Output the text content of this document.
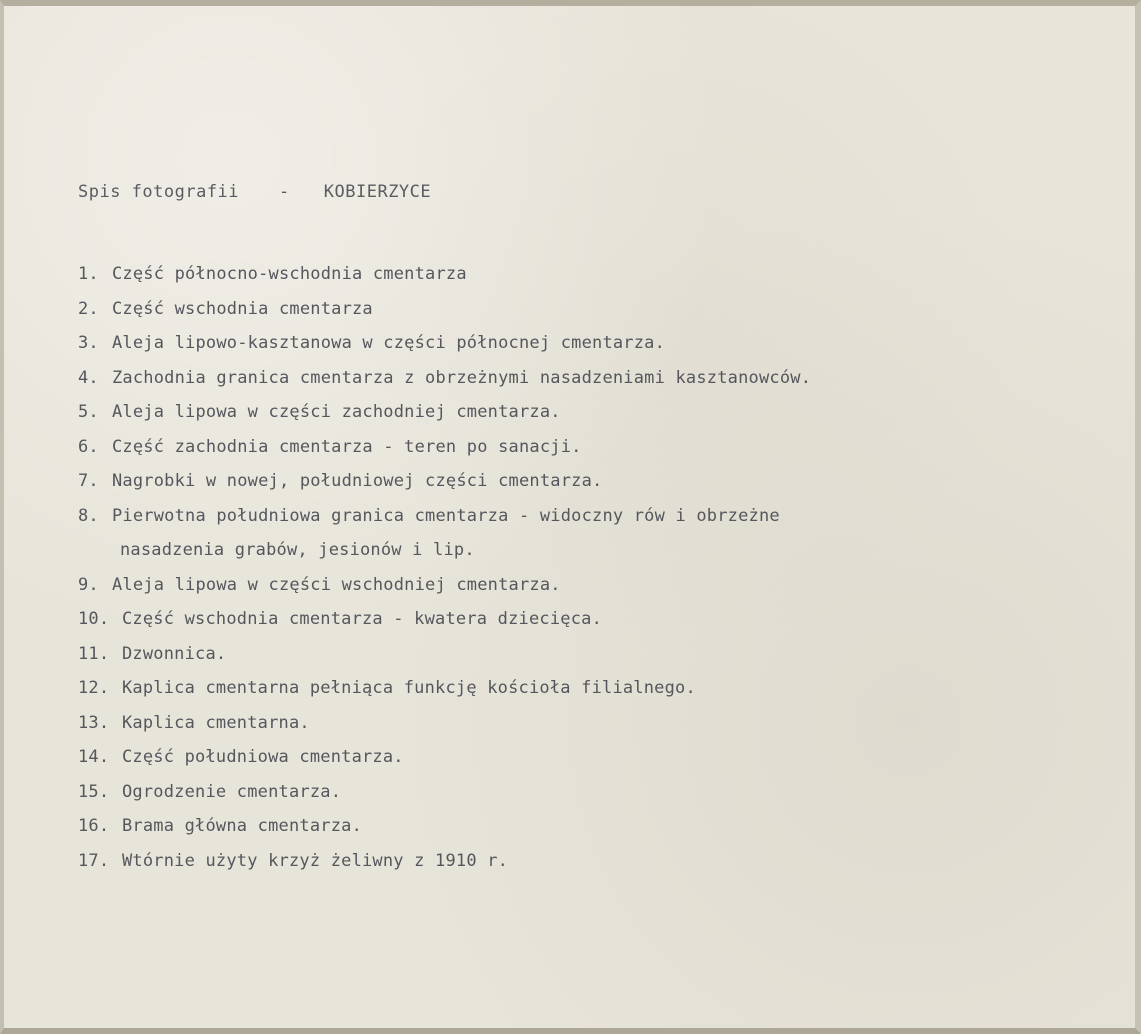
Spis fotografii - KOBIERZYCE
1. Część północno-wschodnia cmentarza
2. Część wschodnia cmentarza
3. Aleja lipowo-kasztanowa w części północnej cmentarza.
4. Zachodnia granica cmentarza z obrzeżnymi nasadzeniami kasztanowców.
5. Aleja lipowa w części zachodniej cmentarza.
6. Część zachodnia cmentarza - teren po sanacji.
7. Nagrobki w nowej, południowej części cmentarza.
8. Pierwotna południowa granica cmentarza - widoczny rów i obrzeżne
nasadzenia grabów, jesionów i lip.
9. Aleja lipowa w części wschodniej cmentarza.
10. Część wschodnia cmentarza - kwatera dziecięca.
11. Dzwonnica.
12. Kaplica cmentarna pełniąca funkcję kościoła filialnego.
13. Kaplica cmentarna.
14. Część południowa cmentarza.
15. Ogrodzenie cmentarza.
16. Brama główna cmentarza.
17. Wtórnie użyty krzyż żeliwny z 1910 r.
